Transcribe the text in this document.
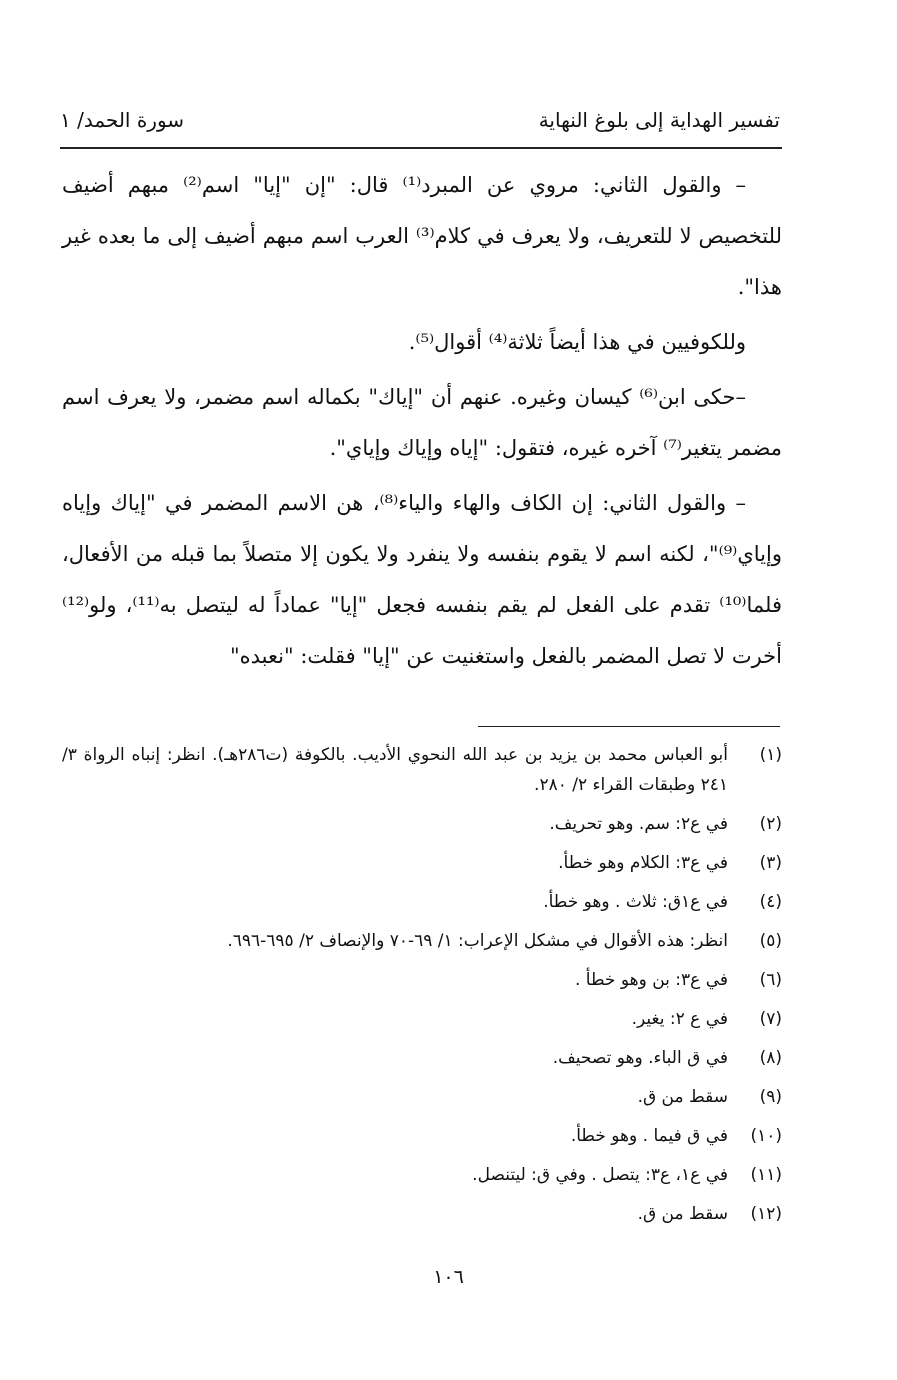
تفسير الهداية إلى بلوغ النهاية
سورة الحمد/ ١

– والقول الثاني: مروي عن المبرد⁽¹⁾ قال: "إن "إيا" اسم⁽²⁾ مبهم أضيف للتخصيص لا للتعريف، ولا يعرف في كلام⁽³⁾ العرب اسم مبهم أضيف إلى ما بعده غير هذا".

وللكوفيين في هذا أيضاً ثلاثة⁽⁴⁾ أقوال⁽⁵⁾.

–حكى ابن⁽⁶⁾ كيسان وغيره. عنهم أن "إياك" بكماله اسم مضمر، ولا يعرف اسم مضمر يتغير⁽⁷⁾ آخره غيره، فتقول: "إياه وإياك وإياي".

– والقول الثاني: إن الكاف والهاء والياء⁽⁸⁾، هن الاسم المضمر في "إياك وإياه وإياي⁽⁹⁾"، لكنه اسم لا يقوم بنفسه ولا ينفرد ولا يكون إلا متصلاً بما قبله من الأفعال، فلما⁽¹⁰⁾ تقدم على الفعل لم يقم بنفسه فجعل "إيا" عماداً له ليتصل به⁽¹¹⁾، ولو⁽¹²⁾ أخرت لا تصل المضمر بالفعل واستغنيت عن "إيا" فقلت: "نعبده"

(١)
أبو العباس محمد بن يزيد بن عبد الله النحوي الأديب. بالكوفة (ت٢٨٦هـ). انظر: إنباه الرواة ٣/ ٢٤١ وطبقات القراء ٢/ ٢٨٠.
(٢)
في ع٢: سم. وهو تحريف.
(٣)
في ع٣: الكلام وهو خطأ.
(٤)
في ع١ق: ثلاث . وهو خطأ.
(٥)
انظر: هذه الأقوال في مشكل الإعراب: ١/ ٦٩-٧٠ والإنصاف ٢/ ٦٩٥-٦٩٦.
(٦)
في ع٣: بن وهو خطأ .
(٧)
في ع ٢: يغير.
(٨)
في ق الباء. وهو تصحيف.
(٩)
سقط من ق.
(١٠)
في ق فيما . وهو خطأ.
(١١)
في ع١، ع٣: يتصل . وفي ق: ليتنصل.
(١٢)
سقط من ق.
١٠٦
